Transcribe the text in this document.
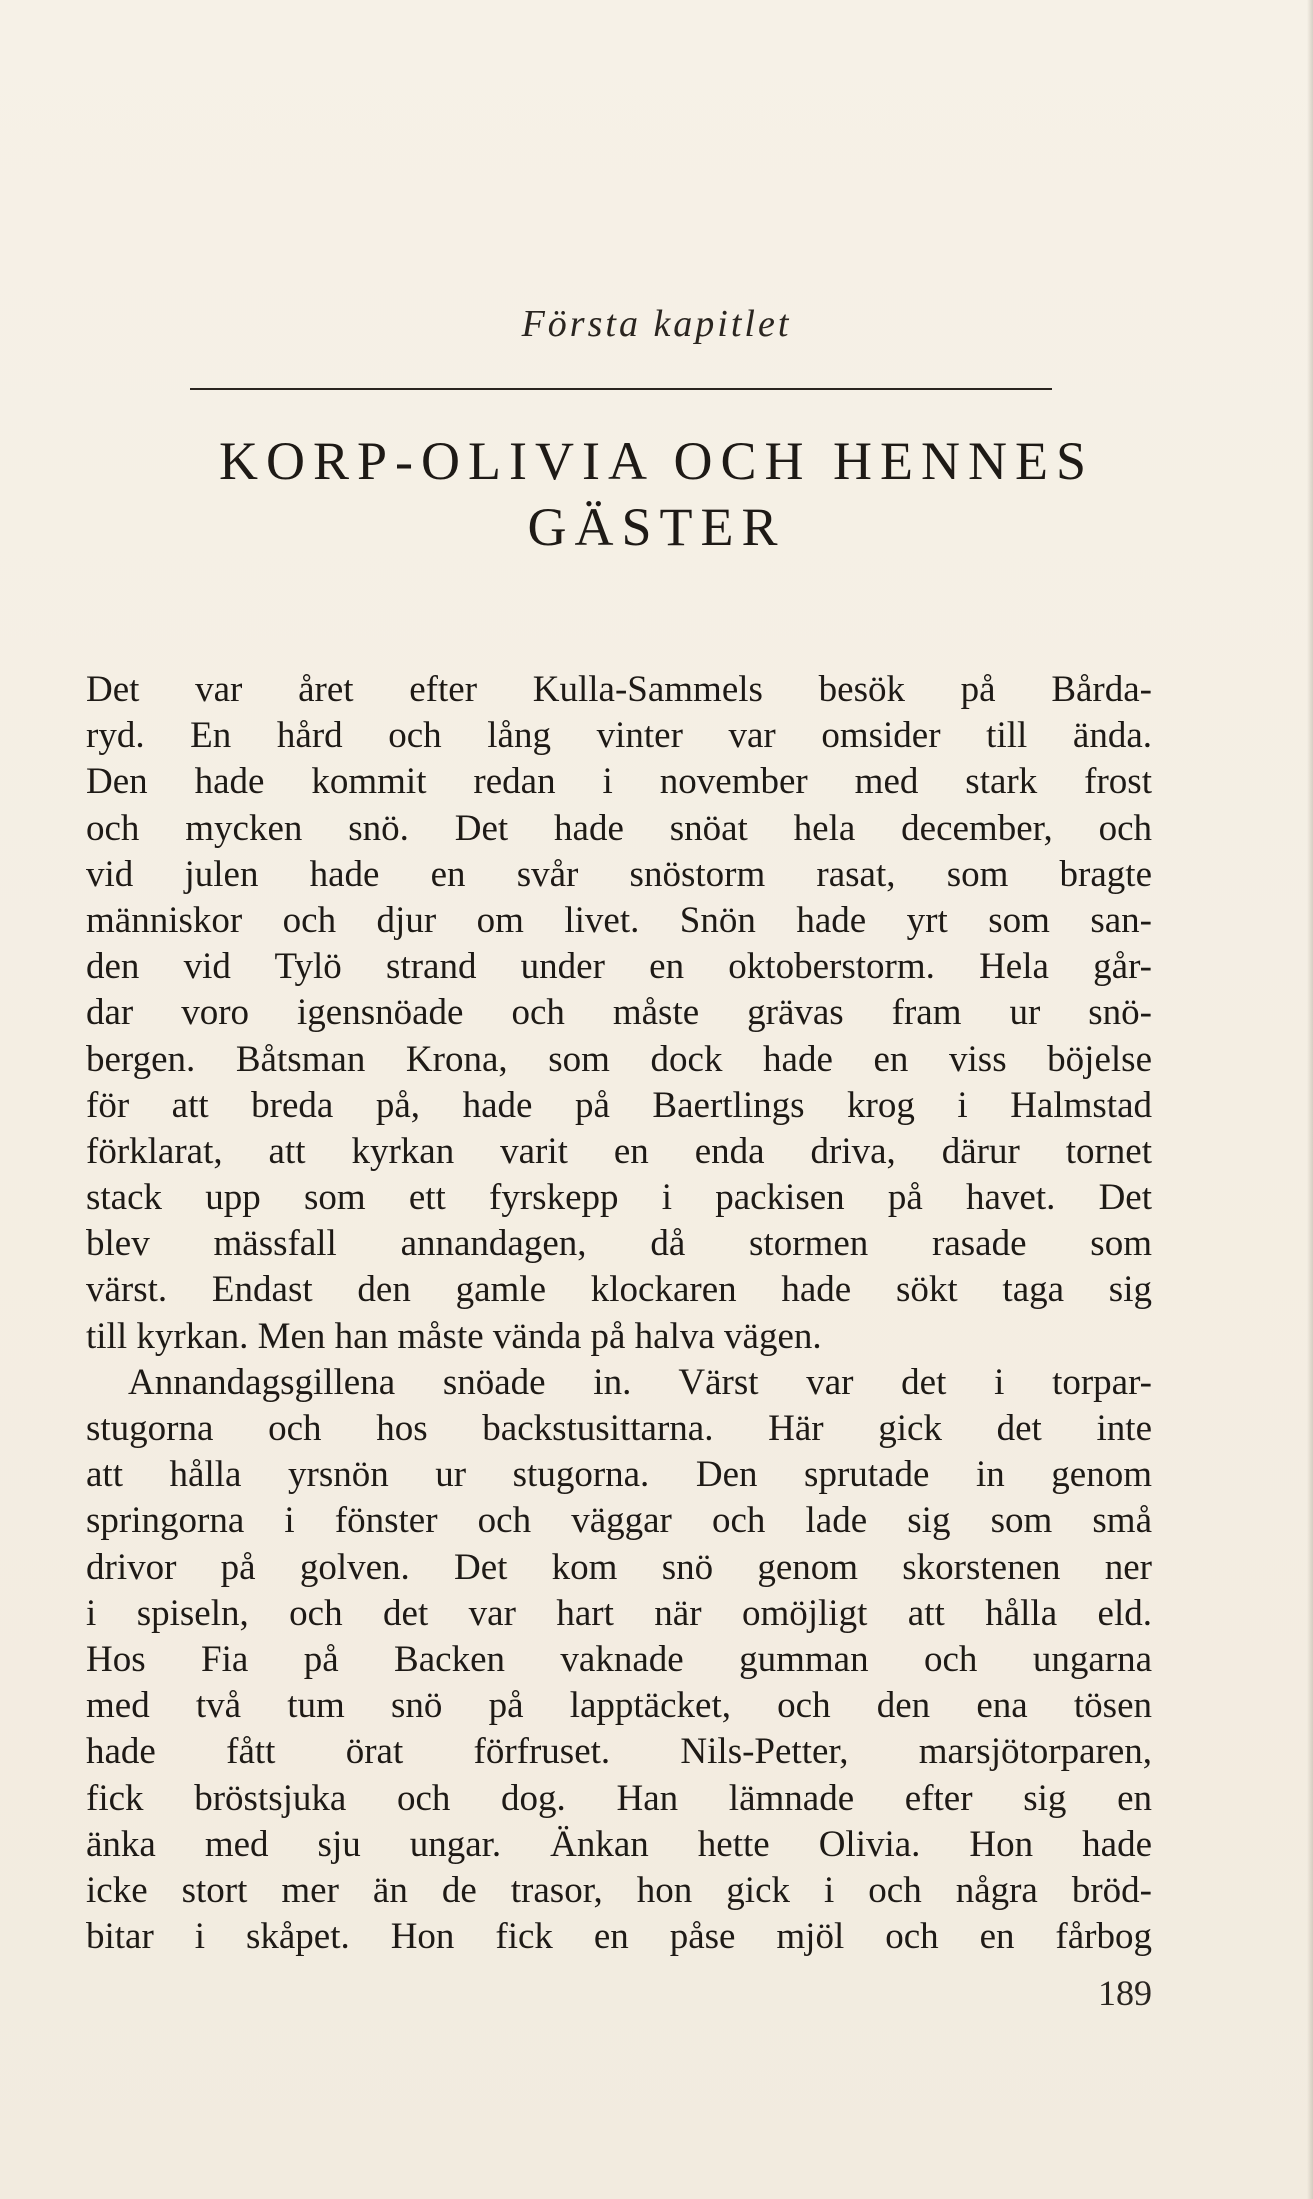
Första kapitlet
KORP-OLIVIA OCH HENNES
GÄSTER
Det var året efter Kulla-Sammels besök på Bårda-
ryd. En hård och lång vinter var omsider till ända.
Den hade kommit redan i november med stark frost
och mycken snö. Det hade snöat hela december, och
vid julen hade en svår snöstorm rasat, som bragte
människor och djur om livet. Snön hade yrt som san-
den vid Tylö strand under en oktoberstorm. Hela går-
dar voro igensnöade och måste grävas fram ur snö-
bergen. Båtsman Krona, som dock hade en viss böjelse
för att breda på, hade på Baertlings krog i Halmstad
förklarat, att kyrkan varit en enda driva, därur tornet
stack upp som ett fyrskepp i packisen på havet. Det
blev mässfall annandagen, då stormen rasade som
värst. Endast den gamle klockaren hade sökt taga sig
till kyrkan. Men han måste vända på halva vägen.
Annandagsgillena snöade in. Värst var det i torpar-
stugorna och hos backstusittarna. Här gick det inte
att hålla yrsnön ur stugorna. Den sprutade in genom
springorna i fönster och väggar och lade sig som små
drivor på golven. Det kom snö genom skorstenen ner
i spiseln, och det var hart när omöjligt att hålla eld.
Hos Fia på Backen vaknade gumman och ungarna
med två tum snö på lapptäcket, och den ena tösen
hade fått örat förfruset. Nils-Petter, marsjötorparen,
fick bröstsjuka och dog. Han lämnade efter sig en
änka med sju ungar. Änkan hette Olivia. Hon hade
icke stort mer än de trasor, hon gick i och några bröd-
bitar i skåpet. Hon fick en påse mjöl och en fårbog
189
